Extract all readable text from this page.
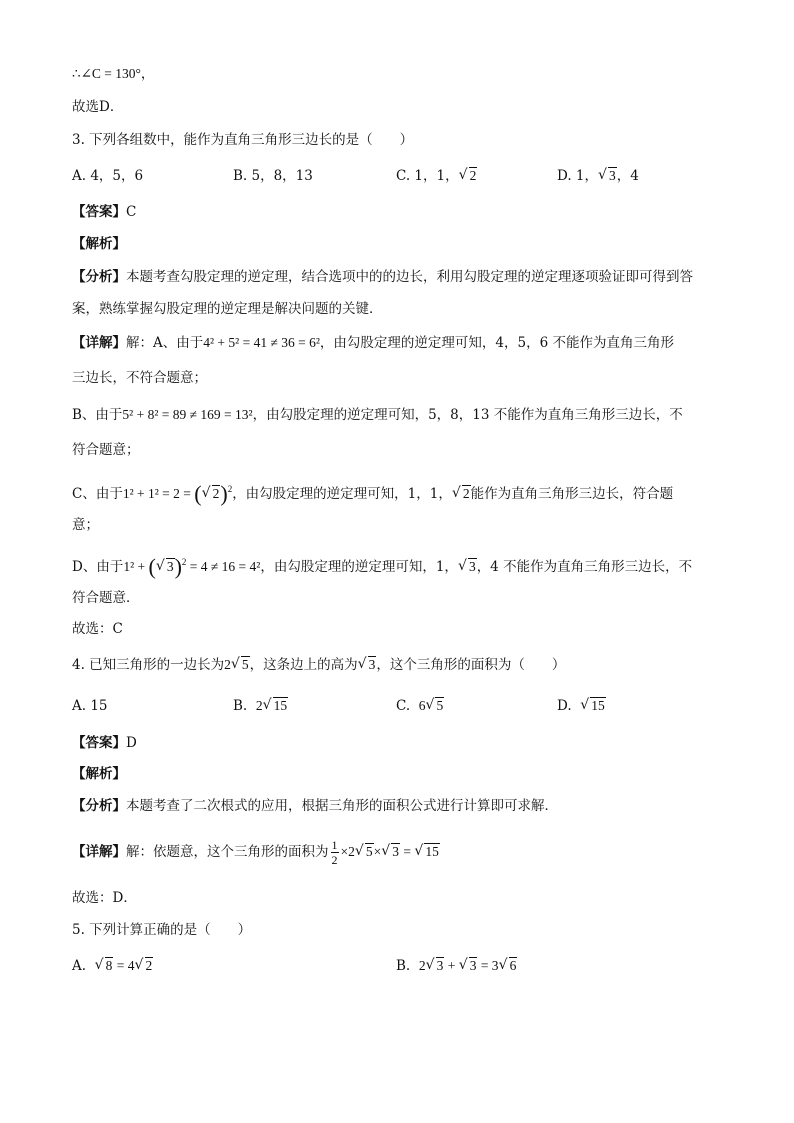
∴∠C = 130°，
故选D．
3. 下列各组数中，能作为直角三角形三边长的是（　　）
A. 4，5，6	B. 5，8，13	C. 1，1，√ 2	D. 1，√ 3，4
【答案】C
【解析】
【分析】本题考查勾股定理的逆定理，结合选项中的的边长，利用勾股定理的逆定理逐项验证即可得到答
案，熟练掌握勾股定理的逆定理是解决问题的关键．
【详解】解：A、由于4² + 5² = 41 ≠ 36 = 6²，由勾股定理的逆定理可知，4，5，6 不能作为直角三角形
三边长，不符合题意；
B、由于5² + 8² = 89 ≠ 169 = 13²，由勾股定理的逆定理可知，5，8，13 不能作为直角三角形三边长，不
符合题意；
C、由于1² + 1² = 2 = (√ 2)$^2$，由勾股定理的逆定理可知，1，1，√ 2能作为直角三角形三边长，符合题
意；
D、由于1² + (√ 3)$^2$ = 4 ≠ 16 = 4²，由勾股定理的逆定理可知，1，√ 3，4 不能作为直角三角形三边长，不
符合题意．
故选：C
4. 已知三角形的一边长为2√ 5，这条边上的高为√ 3，这个三角形的面积为（　　）
A. 15	B. 2√ 15	C. 6√ 5	D.  √ 15
【答案】D
【解析】
【分析】本题考查了二次根式的应用，根据三角形的面积公式进行计算即可求解．
【详解】解：依题意，这个三角形的面积为 $\frac{1}{2} \times 2√$ 5×√ 3 = √ 15
故选：D．
5. 下列计算正确的是（　　）
A.  √ 8 = 4√ 2	B. 2√ 3 + √ 3 = 3√ 6
